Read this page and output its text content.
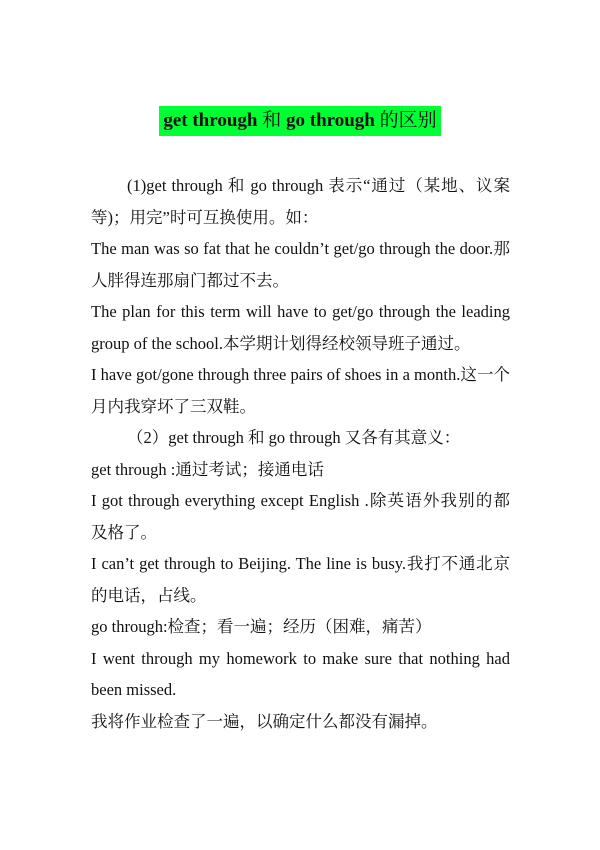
get through 和 go through 的区别

(1)get through 和 go through 表示“通过（某地、议案等)；用完”时可互换使用。如：

The man was so fat that he couldn’t get/go through the door.那人胖得连那扇门都过不去。

The plan for this term will have to get/go through the leading group of the school.本学期计划得经校领导班子通过。

I have got/gone through three pairs of shoes in a month.这一个月内我穿坏了三双鞋。

（2）get through 和 go through 又各有其意义：

get through :通过考试；接通电话

I got through everything except English .除英语外我别的都及格了。

I can’t get through to Beijing. The line is busy.我打不通北京的电话，占线。

go through:检查；看一遍；经历（困难，痛苦）

I went through my homework to make sure that nothing had been missed.

我将作业检查了一遍，以确定什么都没有漏掉。
